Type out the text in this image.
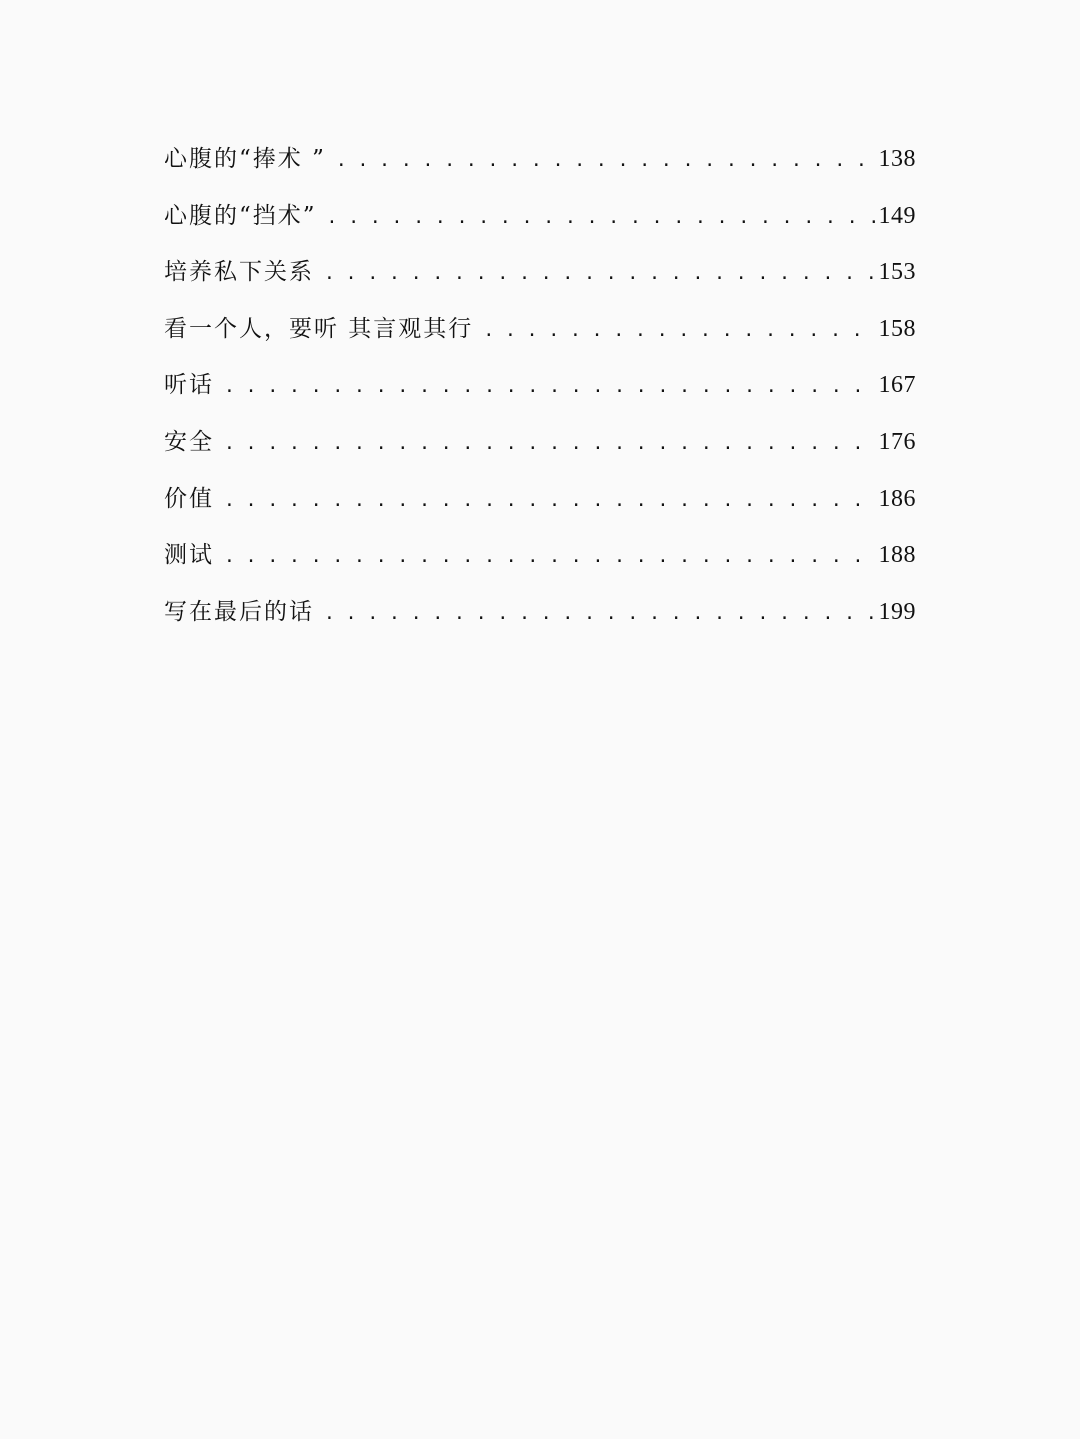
心腹的“捧术 ” . . .	138
心腹的“挡术” . . .	149
培养私下关系 . . .	153
看一个人，要听 其言观其行 . . .	158
听话 . . .	167
安全 . . .	176
价值 . . .	186
测试 . . .	188
写在最后的话 . . .	199
